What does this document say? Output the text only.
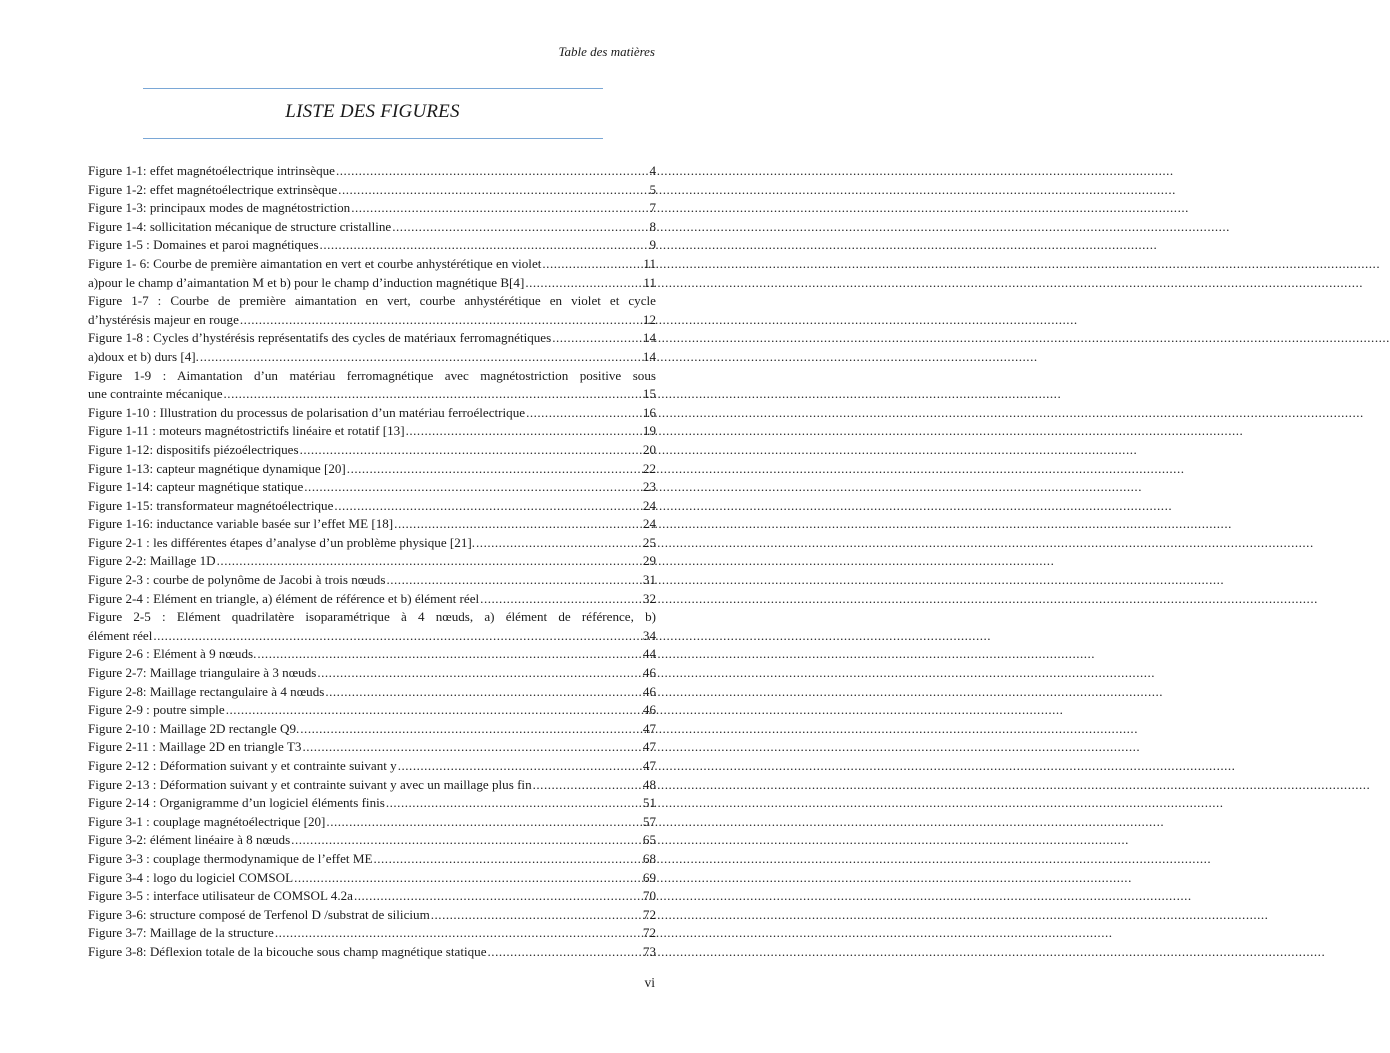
Table des matières
LISTE DES FIGURES
Figure 1-1: effet magnétoélectrique intrinsèque .....	4
Figure 1-2: effet magnétoélectrique extrinsèque .....	5
Figure 1-3: principaux modes de magnétostriction .....	7
Figure 1-4: sollicitation mécanique de structure cristalline .....	8
Figure 1-5 : Domaines et paroi magnétiques .....	9
Figure 1- 6: Courbe de première aimantation en vert et courbe anhystérétique en violet .....	11
a)pour le champ d’aimantation M et b) pour le champ d’induction magnétique B[4] .....	11
Figure 1-7 : Courbe de première aimantation en vert, courbe anhystérétique en violet et cycle
d’hystérésis majeur en rouge .....	12
Figure 1-8 : Cycles d’hystérésis représentatifs des cycles de matériaux ferromagnétiques .....	14
a)doux et b) durs [4]. .....	14
Figure 1-9 : Aimantation d’un matériau ferromagnétique avec magnétostriction positive sous
une contrainte mécanique .....	15
Figure 1-10 : Illustration du processus de polarisation d’un matériau ferroélectrique .....	16
Figure 1-11 : moteurs magnétostrictifs linéaire et rotatif [13] .....	19
Figure 1-12: dispositifs piézoélectriques .....	20
Figure 1-13: capteur magnétique dynamique [20] .....	22
Figure 1-14: capteur magnétique statique .....	23
Figure 1-15: transformateur magnétoélectrique .....	24
Figure 1-16: inductance variable basée sur l’effet ME [18] .....	24
Figure 2-1 : les différentes étapes d’analyse d’un problème physique [21]. .....	25
Figure 2-2: Maillage 1D .....	29
Figure 2-3 : courbe de polynôme de Jacobi à trois nœuds .....	31
Figure 2-4 : Elément en triangle, a) élément de référence et b) élément réel .....	32
Figure 2-5 : Elément quadrilatère isoparamétrique à 4 nœuds, a) élément de référence, b)
élément réel .....	34
Figure 2-6 : Elément à 9 nœuds. .....	44
Figure 2-7: Maillage triangulaire à 3 nœuds .....	46
Figure 2-8: Maillage rectangulaire à 4 nœuds .....	46
Figure 2-9 : poutre simple .....	46
Figure 2-10 : Maillage 2D rectangle Q9. .....	47
Figure 2-11 : Maillage 2D en triangle T3 .....	47
Figure 2-12 : Déformation suivant y et contrainte suivant y .....	47
Figure 2-13 : Déformation suivant y et contrainte suivant y avec un maillage plus fin .....	48
Figure 2-14 : Organigramme d’un logiciel éléments finis .....	51
Figure 3-1 : couplage magnétoélectrique [20] .....	57
Figure 3-2: élément linéaire à 8 nœuds .....	65
Figure 3-3 : couplage thermodynamique de l’effet ME .....	68
Figure 3-4 : logo du logiciel COMSOL .....	69
Figure 3-5 : interface utilisateur de COMSOL 4.2a .....	70
Figure 3-6: structure composé de Terfenol D /substrat de silicium .....	72
Figure 3-7: Maillage de la structure .....	72
Figure 3-8: Déflexion totale de la bicouche sous champ magnétique statique .....	73
vi
